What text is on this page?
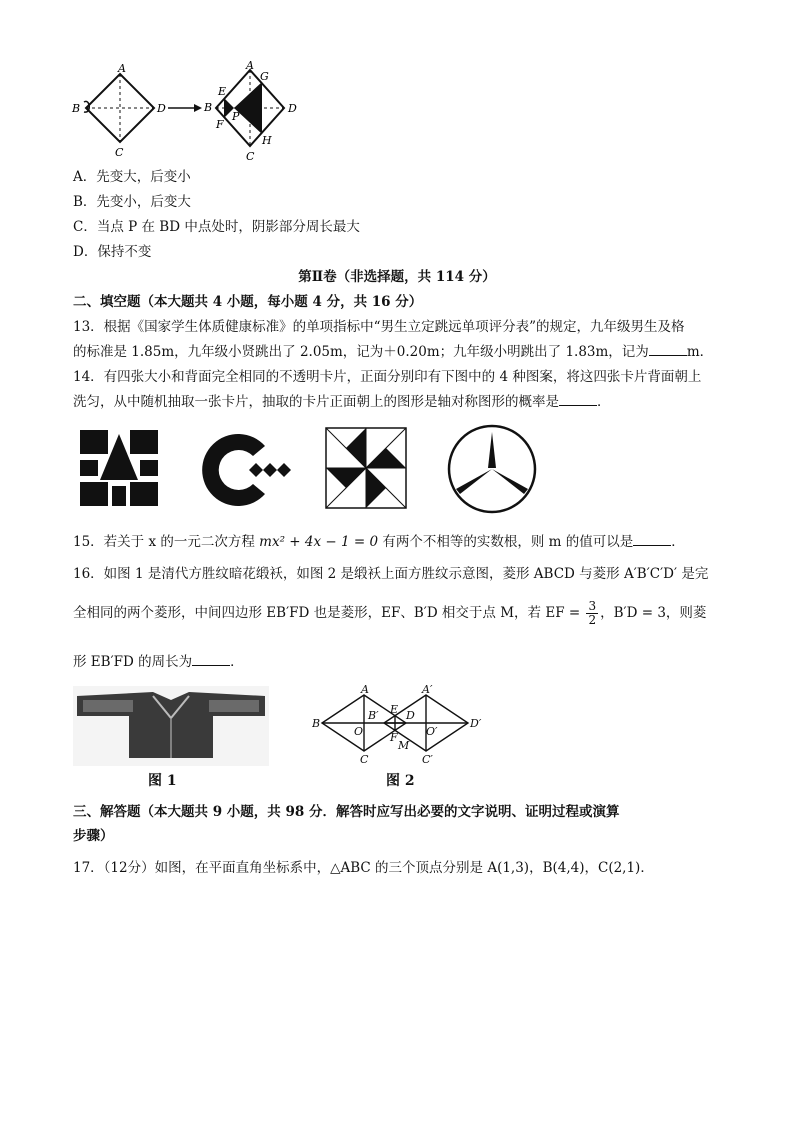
A
B	D
C
A
G
E
B	D
P
F
H
C
A．先变大，后变小
B．先变小，后变大
C．当点 P 在 BD 中点处时，阴影部分周长最大
D．保持不变
第Ⅱ卷（非选择题，共 114 分）
二、填空题（本大题共 4 小题，每小题 4 分，共 16 分）
13．根据《国家学生体质健康标准》的单项指标中“男生立定跳远单项评分表”的规定，九年级男生及格
的标准是 1.85m，九年级小贤跳出了 2.05m，记为＋0.20m；九年级小明跳出了 1.83m，记为	m．
14．有四张大小和背面完全相同的不透明卡片，正面分别印有下图中的 4 种图案，将这四张卡片背面朝上
洗匀，从中随机抽取一张卡片，抽取的卡片正面朝上的图形是轴对称图形的概率是	．
15．若关于 x 的一元二次方程 mx² + 4x − 1 = 0 有两个不相等的实数根，则 m 的值可以是	．
16．如图 1 是清代方胜纹暗花缎袄，如图 2 是缎袄上面方胜纹示意图，菱形 ABCD 与菱形 A′B′C′D′ 是完
全相同的两个菱形，中间四边形 EB′FD 也是菱形，EF、B′D 相交于点 M，若 EF = $\frac{3}{2}$ ，B′D = 3，则菱
形 EB′FD 的周长为	．
图 1
A	A′
B
B′
O
E D
F
M
O′
C	C′
D′
图 2
三、解答题（本大题共 9 小题，共 98 分．解答时应写出必要的文字说明、证明过程或演算
步骤）
17．（12分）如图，在平面直角坐标系中，△ABC 的三个顶点分别是 A(1,3)，B(4,4)，C(2,1)．
